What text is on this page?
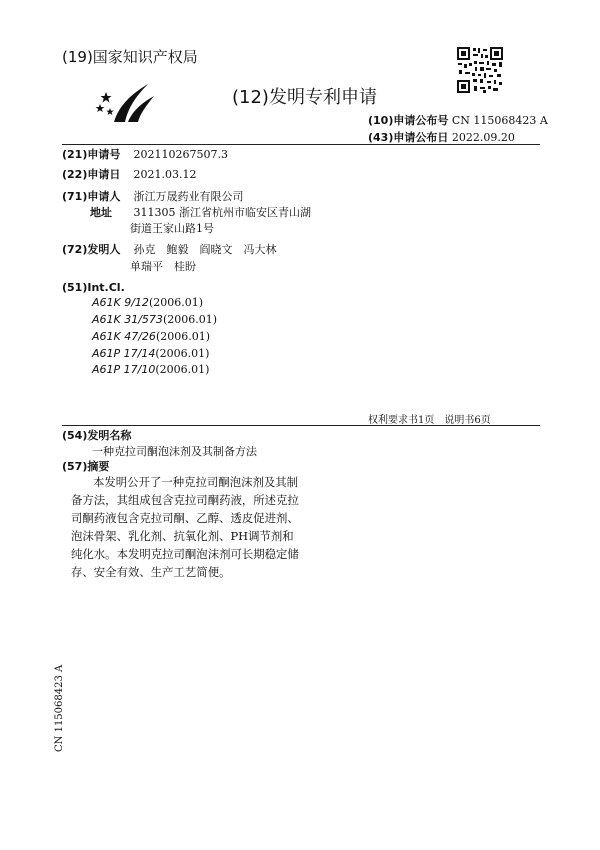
(19)国家知识产权局
(12)发明专利申请
(10)申请公布号 CN 115068423 A
(43)申请公布日 2022.09.20
(21)申请号 202110267507.3
(22)申请日 2021.03.12
(71)申请人 浙江万晟药业有限公司
地址 311305 浙江省杭州市临安区青山湖
街道王家山路1号
(72)发明人 孙克　鲍毅　阎晓文　冯大林
单瑞平　桂盼
(51)Int.Cl.
A61K 9/12(2006.01)
A61K 31/573(2006.01)
A61K 47/26(2006.01)
A61P 17/14(2006.01)
A61P 17/10(2006.01)
权利要求书1页　说明书6页
(54)发明名称
一种克拉司酮泡沫剂及其制备方法
(57)摘要
本发明公开了一种克拉司酮泡沫剂及其制备方法，其组成包含克拉司酮药液，所述克拉司酮药液包含克拉司酮、乙醇、透皮促进剂、泡沫骨架、乳化剂、抗氧化剂、PH调节剂和纯化水。本发明克拉司酮泡沫剂可长期稳定储存、安全有效、生产工艺简便。
CN 115068423 A
